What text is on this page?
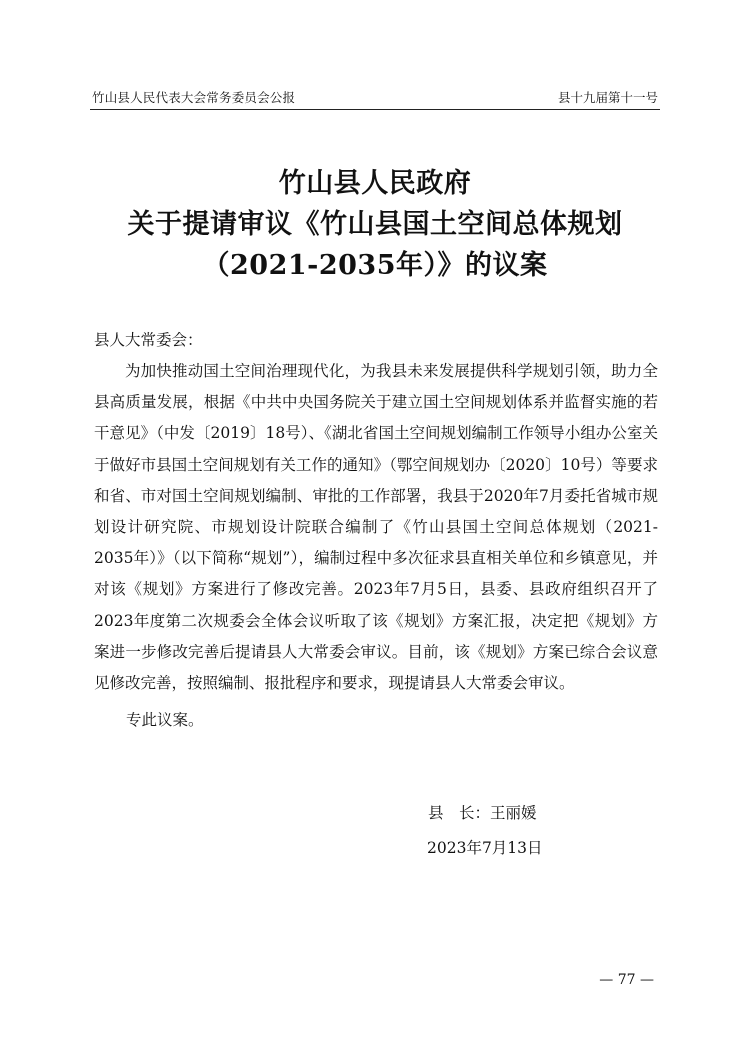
竹山县人民代表大会常务委员会公报	县十九届第十一号
竹山县人民政府
关于提请审议《竹山县国土空间总体规划
（2021-2035年）》的议案
县人大常委会：

为加快推动国土空间治理现代化，为我县未来发展提供科学规划引领，助力全县高质量发展，根据《中共中央国务院关于建立国土空间规划体系并监督实施的若干意见》（中发〔2019〕18号）、《湖北省国土空间规划编制工作领导小组办公室关于做好市县国土空间规划有关工作的通知》（鄂空间规划办〔2020〕10号）等要求和省、市对国土空间规划编制、审批的工作部署，我县于2020年7月委托省城市规划设计研究院、市规划设计院联合编制了《竹山县国土空间总体规划（2021-2035年）》（以下简称“规划”），编制过程中多次征求县直相关单位和乡镇意见，并对该《规划》方案进行了修改完善。2023年7月5日，县委、县政府组织召开了2023年度第二次规委会全体会议听取了该《规划》方案汇报，决定把《规划》方案进一步修改完善后提请县人大常委会审议。目前，该《规划》方案已综合会议意见修改完善，按照编制、报批程序和要求，现提请县人大常委会审议。

专此议案。
县　长：王丽媛
2023年7月13日
— 77 —
